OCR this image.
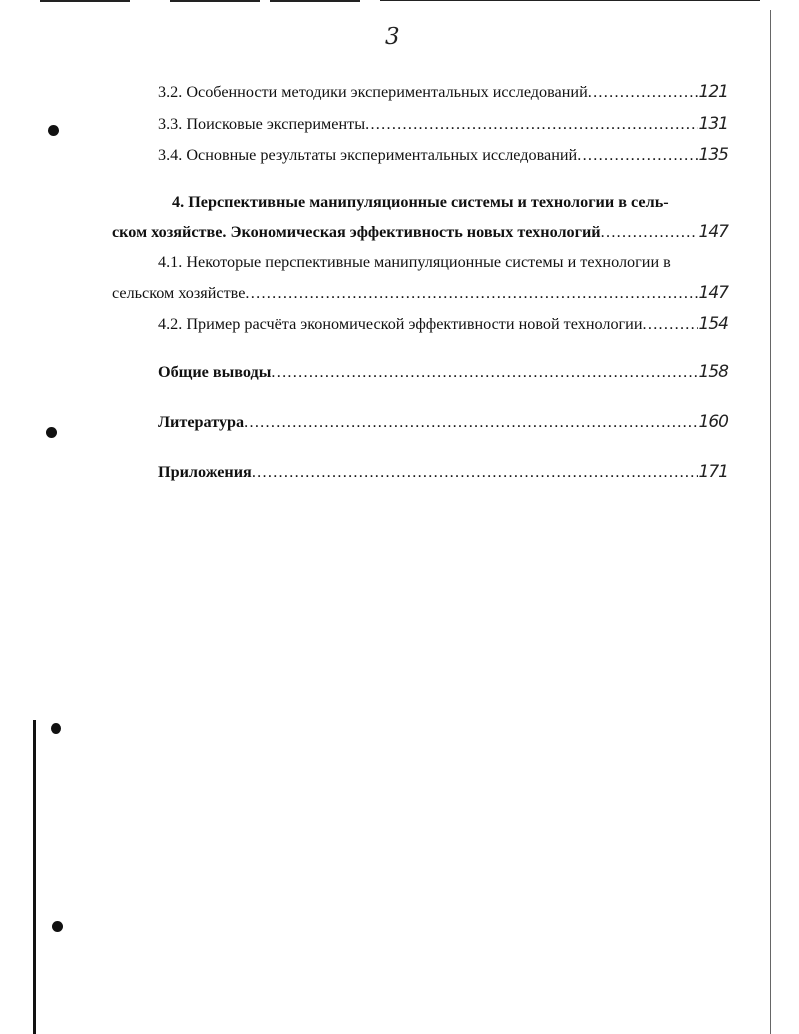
3
3.2. Особенности методики экспериментальных исследований .....	121
3.3. Поисковые эксперименты .....	131
3.4. Основные результаты экспериментальных исследований .....	135
4. Перспективные манипуляционные системы и технологии в сель-
ском хозяйстве. Экономическая эффективность новых технологий .....	147
4.1. Некоторые перспективные манипуляционные системы и технологии в
сельском хозяйстве .....	147
4.2. Пример расчёта экономической эффективности новой технологии .....	154
Общие выводы .....	158
Литература .....	160
Приложения .....	171
